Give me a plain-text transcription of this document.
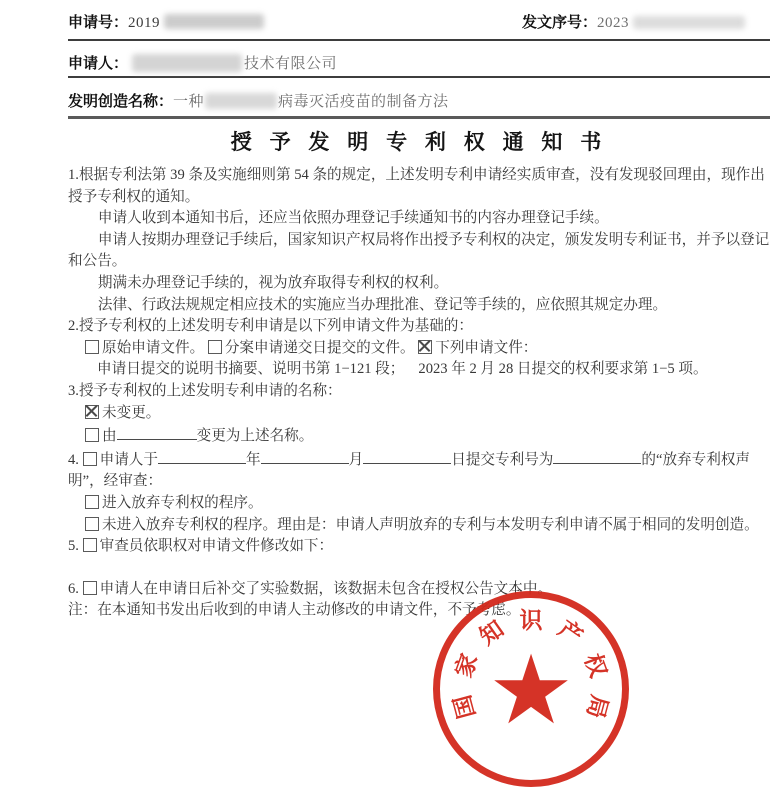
申请号：2019	发文序号：2023
申请人：	技术有限公司
发明创造名称：一种	病毒灭活疫苗的制备方法
授 予 发 明 专 利 权 通 知 书

1.根据专利法第 39 条及实施细则第 54 条的规定，上述发明专利申请经实质审查，没有发现驳回理由，现作出授予专利权的通知。

申请人收到本通知书后，还应当依照办理登记手续通知书的内容办理登记手续。

申请人按期办理登记手续后，国家知识产权局将作出授予专利权的决定，颁发发明专利证书，并予以登记和公告。

期满未办理登记手续的，视为放弃取得专利权的权利。

法律、行政法规规定相应技术的实施应当办理批准、登记等手续的，应依照其规定办理。

2.授予专利权的上述发明专利申请是以下列申请文件为基础的：

原始申请文件。 分案申请递交日提交的文件。 下列申请文件：

申请日提交的说明书摘要、说明书第 1−121 段； 2023 年 2 月 28 日提交的权利要求第 1−5 项。

3.授予专利权的上述发明专利申请的名称：

未变更。

由	变更为上述名称。

4. 申请人于	年	月	日提交专利号为	的“放弃专利权声明”，经审查：

进入放弃专利权的程序。

未进入放弃专利权的程序。理由是：申请人声明放弃的专利与本发明专利申请不属于相同的发明创造。

5. 审查员依职权对申请文件修改如下：

6. 申请人在申请日后补交了实验数据，该数据未包含在授权公告文本中。

注：在本通知书发出后收到的申请人主动修改的申请文件，不予考虑。

国
家
知 识 产
权
局
★
